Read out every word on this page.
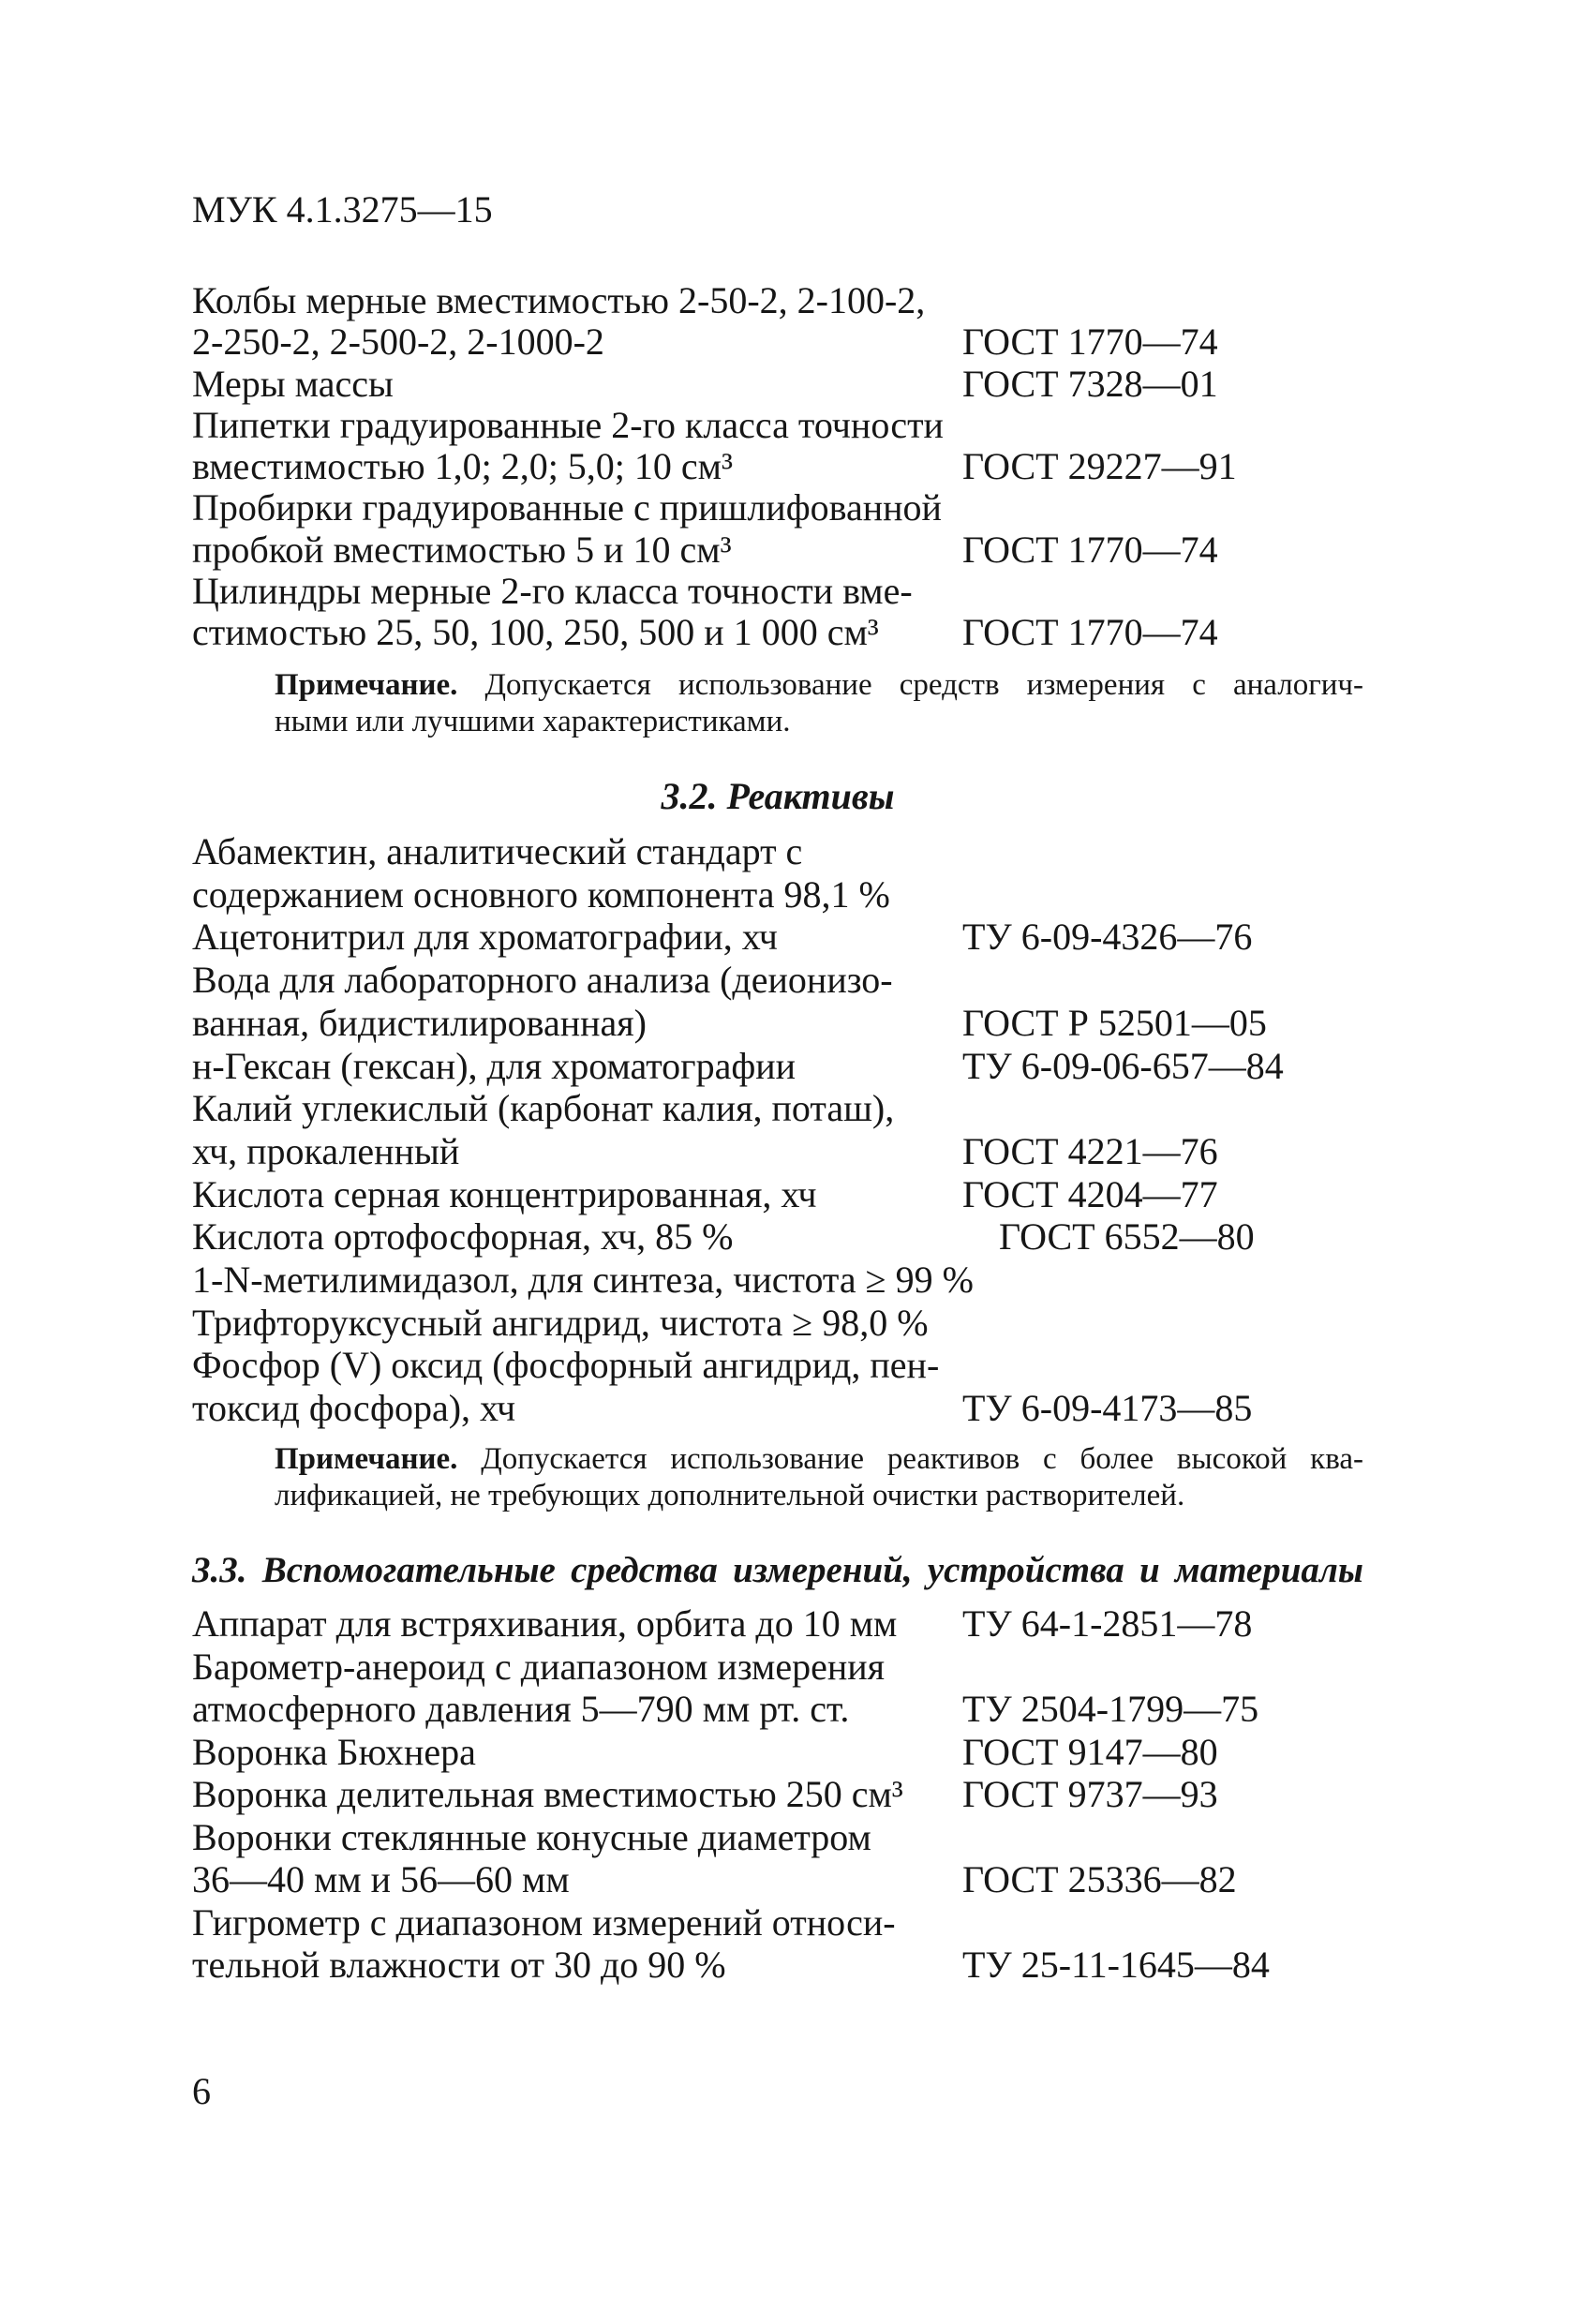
МУК 4.1.3275—15
Колбы мерные вместимостью 2-50-2, 2-100-2,
2-250-2, 2-500-2, 2-1000-2	ГОСТ 1770—74
Меры массы	ГОСТ 7328—01
Пипетки градуированные 2-го класса точности
вместимостью 1,0; 2,0; 5,0; 10 см³	ГОСТ 29227—91
Пробирки градуированные с пришлифованной
пробкой вместимостью 5 и 10 см³	ГОСТ 1770—74
Цилиндры мерные 2-го класса точности вме-
стимостью 25, 50, 100, 250, 500 и 1 000 см³	ГОСТ 1770—74
Примечание. Допускается использование средств измерения с аналогич-
ными или лучшими характеристиками.
3.2. Реактивы
Абамектин, аналитический стандарт с
содержанием основного компонента 98,1 %
Ацетонитрил для хроматографии, хч	ТУ 6-09-4326—76
Вода для лабораторного анализа (деионизо-
ванная, бидистилированная)	ГОСТ Р 52501—05
н-Гексан (гексан), для хроматографии	ТУ 6-09-06-657—84
Калий углекислый (карбонат калия, поташ),
хч, прокаленный	ГОСТ 4221—76
Кислота серная концентрированная, хч	ГОСТ 4204—77
Кислота ортофосфорная, хч, 85 %	ГОСТ 6552—80
1-N-метилимидазол, для синтеза, чистота ≥ 99 %
Трифторуксусный ангидрид, чистота ≥ 98,0 %
Фосфор (V) оксид (фосфорный ангидрид, пен-
токсид фосфора), хч	ТУ 6-09-4173—85
Примечание. Допускается использование реактивов с более высокой ква-
лификацией, не требующих дополнительной очистки растворителей.
3.3. Вспомогательные средства измерений, устройства и материалы
Аппарат для встряхивания, орбита до 10 мм	ТУ 64-1-2851—78
Барометр-анероид с диапазоном измерения
атмосферного давления 5—790 мм рт. ст.	ТУ 2504-1799—75
Воронка Бюхнера	ГОСТ 9147—80
Воронка делительная вместимостью 250 см³	ГОСТ 9737—93
Воронки стеклянные конусные диаметром
36—40 мм и 56—60 мм	ГОСТ 25336—82
Гигрометр с диапазоном измерений относи-
тельной влажности от 30 до 90 %	ТУ 25-11-1645—84
6
